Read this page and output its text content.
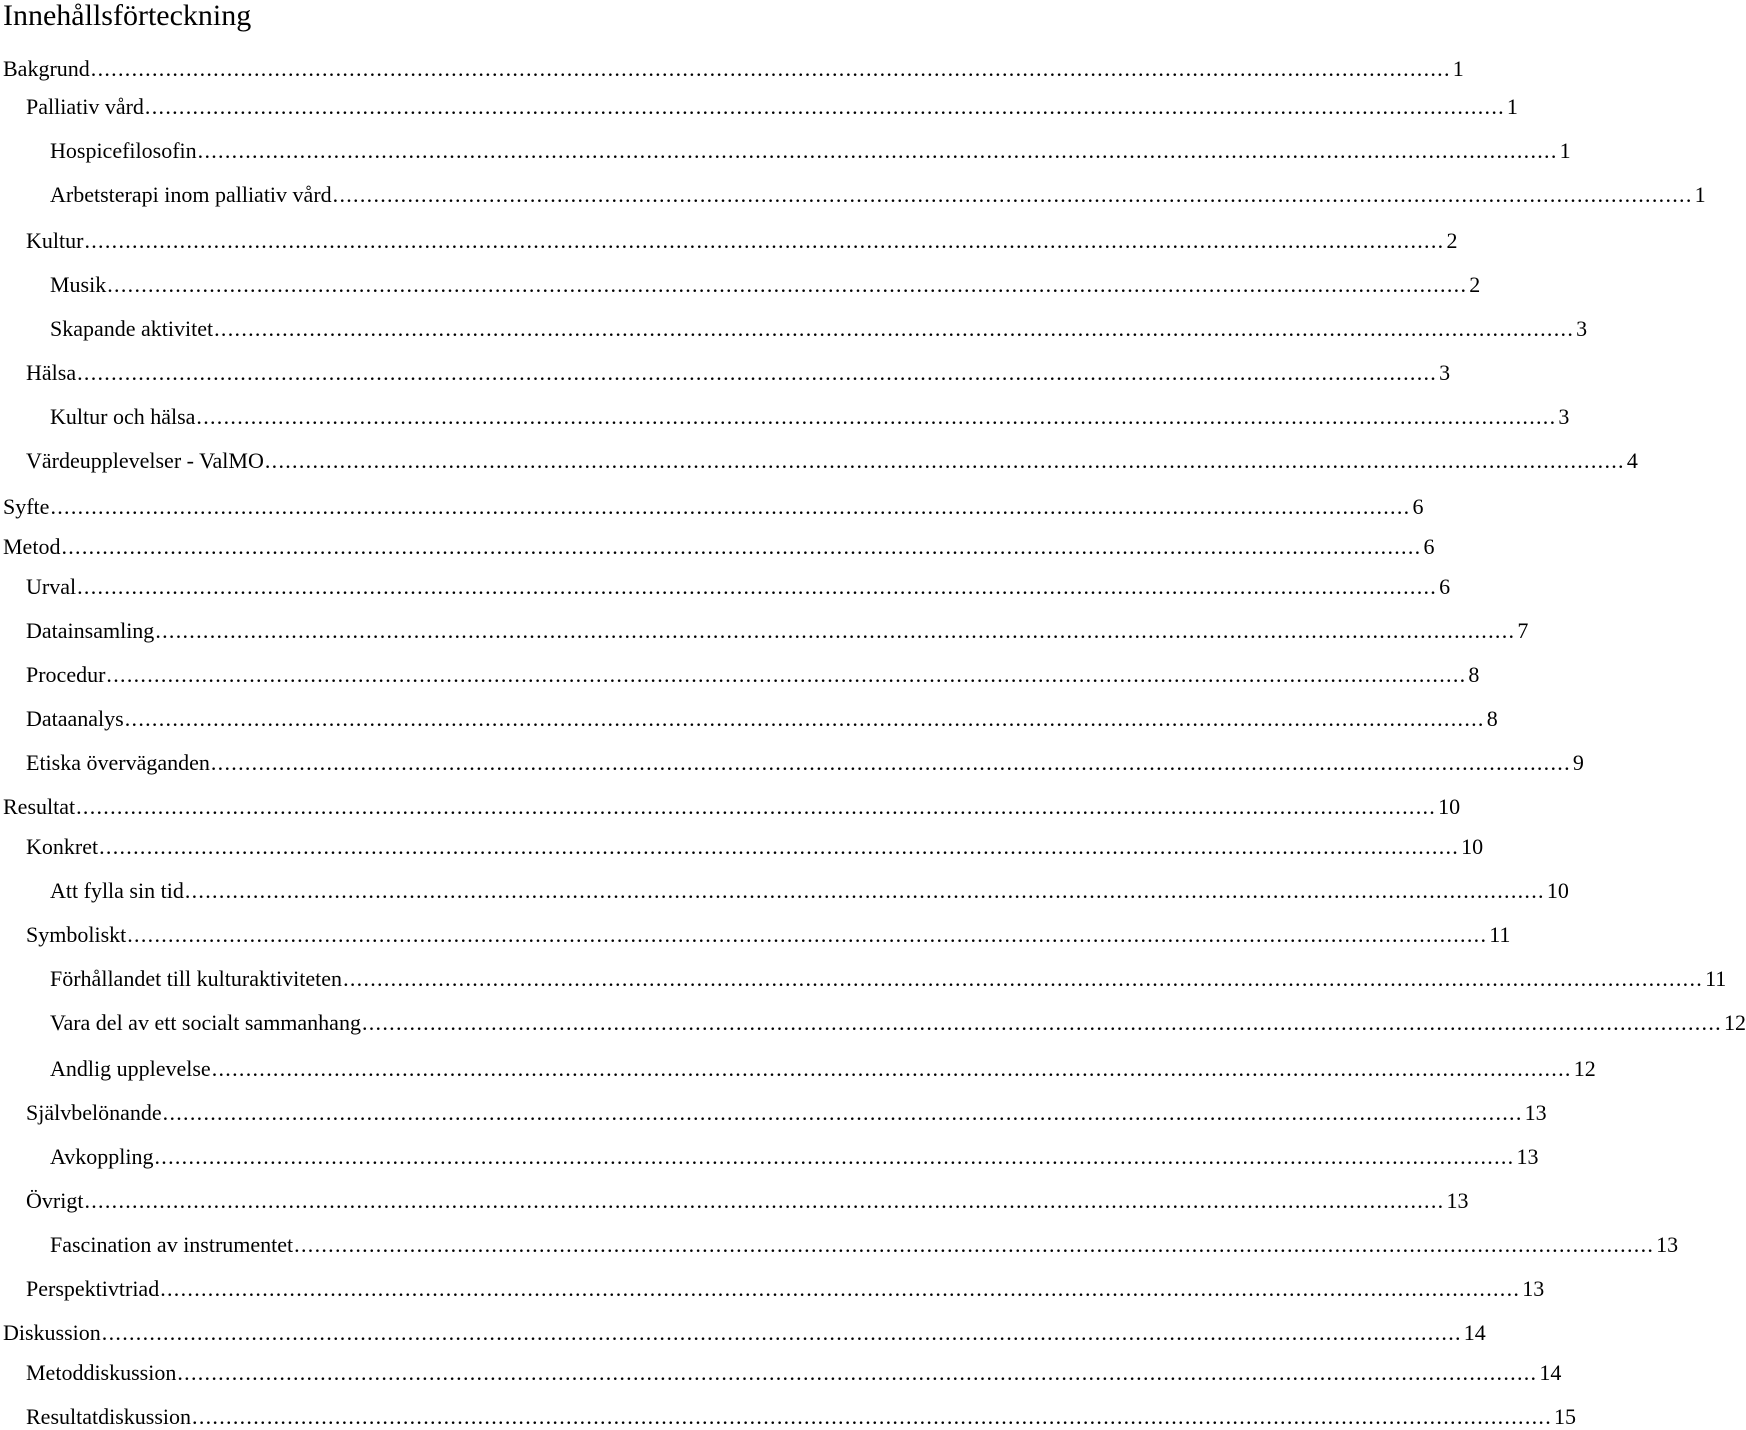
Innehållsförteckning
Bakgrund ........................................................................................................................................................................................................ 1
Palliativ vård ........................................................................................................................................................................................................ 1
Hospicefilosofin ........................................................................................................................................................................................................ 1
Arbetsterapi inom palliativ vård ........................................................................................................................................................................................................ 1
Kultur ........................................................................................................................................................................................................ 2
Musik ........................................................................................................................................................................................................ 2
Skapande aktivitet ........................................................................................................................................................................................................ 3
Hälsa ........................................................................................................................................................................................................ 3
Kultur och hälsa ........................................................................................................................................................................................................ 3
Värdeupplevelser - ValMO ........................................................................................................................................................................................................ 4
Syfte ........................................................................................................................................................................................................ 6
Metod ........................................................................................................................................................................................................ 6
Urval ........................................................................................................................................................................................................ 6
Datainsamling ........................................................................................................................................................................................................ 7
Procedur ........................................................................................................................................................................................................ 8
Dataanalys ........................................................................................................................................................................................................ 8
Etiska överväganden ........................................................................................................................................................................................................ 9
Resultat ........................................................................................................................................................................................................ 10
Konkret ........................................................................................................................................................................................................ 10
Att fylla sin tid ........................................................................................................................................................................................................ 10
Symboliskt ........................................................................................................................................................................................................ 11
Förhållandet till kulturaktiviteten ........................................................................................................................................................................................................ 11
Vara del av ett socialt sammanhang ........................................................................................................................................................................................................ 12
Andlig upplevelse ........................................................................................................................................................................................................ 12
Självbelönande ........................................................................................................................................................................................................ 13
Avkoppling ........................................................................................................................................................................................................ 13
Övrigt ........................................................................................................................................................................................................ 13
Fascination av instrumentet ........................................................................................................................................................................................................ 13
Perspektivtriad ........................................................................................................................................................................................................ 13
Diskussion ........................................................................................................................................................................................................ 14
Metoddiskussion ........................................................................................................................................................................................................ 14
Resultatdiskussion ........................................................................................................................................................................................................ 15
